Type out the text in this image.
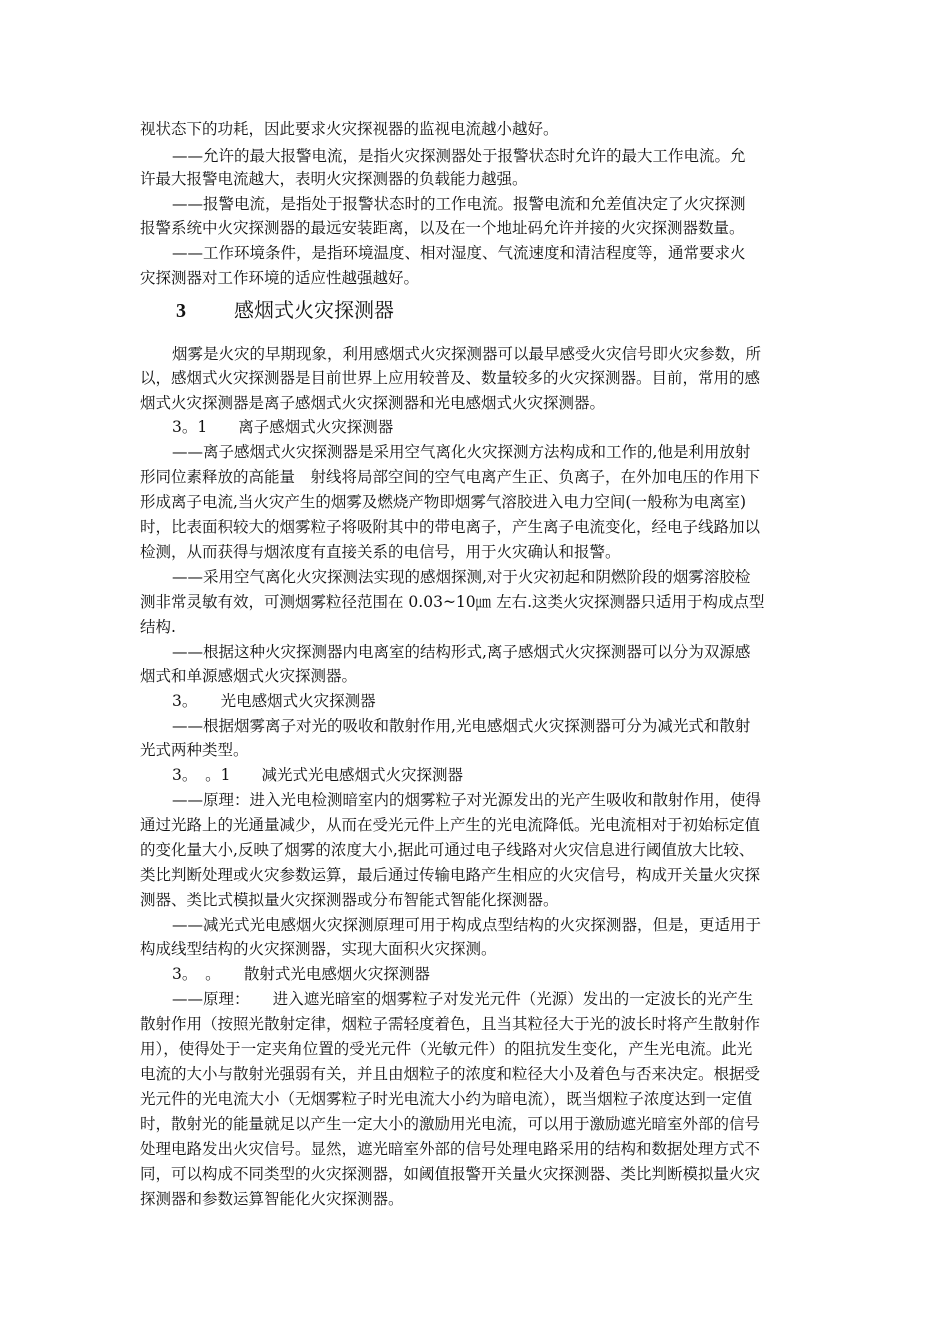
视状态下的功耗，因此要求火灾探视器的监视电流越小越好。
——允许的最大报警电流，是指火灾探测器处于报警状态时允许的最大工作电流。允
许最大报警电流越大，表明火灾探测器的负载能力越强。
——报警电流，是指处于报警状态时的工作电流。报警电流和允差值决定了火灾探测
报警系统中火灾探测器的最远安装距离，以及在一个地址码允许并接的火灾探测器数量。
——工作环境条件，是指环境温度、相对湿度、气流速度和清洁程度等，通常要求火
灾探测器对工作环境的适应性越强越好。
3 感烟式火灾探测器
烟雾是火灾的早期现象，利用感烟式火灾探测器可以最早感受火灾信号即火灾参数，所
以，感烟式火灾探测器是目前世界上应用较普及、数量较多的火灾探测器。目前，常用的感
烟式火灾探测器是离子感烟式火灾探测器和光电感烟式火灾探测器。
3。1　　离子感烟式火灾探测器
——离子感烟式火灾探测器是采用空气离化火灾探测方法构成和工作的,他是利用放射
形同位素释放的高能量　射线将局部空间的空气电离产生正、负离子，在外加电压的作用下
形成离子电流,当火灾产生的烟雾及燃烧产物即烟雾气溶胶进入电力空间(一般称为电离室)
时，比表面积较大的烟雾粒子将吸附其中的带电离子，产生离子电流变化，经电子线路加以
检测，从而获得与烟浓度有直接关系的电信号，用于火灾确认和报警。
——采用空气离化火灾探测法实现的感烟探测,对于火灾初起和阴燃阶段的烟雾溶胶检
测非常灵敏有效，可测烟雾粒径范围在 0.03~10㎛ 左右.这类火灾探测器只适用于构成点型
结构.
——根据这种火灾探测器内电离室的结构形式,离子感烟式火灾探测器可以分为双源感
烟式和单源感烟式火灾探测器。
3。　　光电感烟式火灾探测器
——根据烟雾离子对光的吸收和散射作用,光电感烟式火灾探测器可分为减光式和散射
光式两种类型。
3。　。1　　减光式光电感烟式火灾探测器
——原理：进入光电检测暗室内的烟雾粒子对光源发出的光产生吸收和散射作用，使得
通过光路上的光通量减少，从而在受光元件上产生的光电流降低。光电流相对于初始标定值
的变化量大小,反映了烟雾的浓度大小,据此可通过电子线路对火灾信息进行阈值放大比较、
类比判断处理或火灾参数运算，最后通过传输电路产生相应的火灾信号，构成开关量火灾探
测器、类比式模拟量火灾探测器或分布智能式智能化探测器。
——减光式光电感烟火灾探测原理可用于构成点型结构的火灾探测器，但是，更适用于
构成线型结构的火灾探测器，实现大面积火灾探测。
3。　。　　散射式光电感烟火灾探测器
——原理：　　进入遮光暗室的烟雾粒子对发光元件（光源）发出的一定波长的光产生
散射作用（按照光散射定律，烟粒子需轻度着色，且当其粒径大于光的波长时将产生散射作
用），使得处于一定夹角位置的受光元件（光敏元件）的阻抗发生变化，产生光电流。此光
电流的大小与散射光强弱有关，并且由烟粒子的浓度和粒径大小及着色与否来决定。根据受
光元件的光电流大小（无烟雾粒子时光电流大小约为暗电流），既当烟粒子浓度达到一定值
时，散射光的能量就足以产生一定大小的激励用光电流，可以用于激励遮光暗室外部的信号
处理电路发出火灾信号。显然，遮光暗室外部的信号处理电路采用的结构和数据处理方式不
同，可以构成不同类型的火灾探测器，如阈值报警开关量火灾探测器、类比判断模拟量火灾
探测器和参数运算智能化火灾探测器。
